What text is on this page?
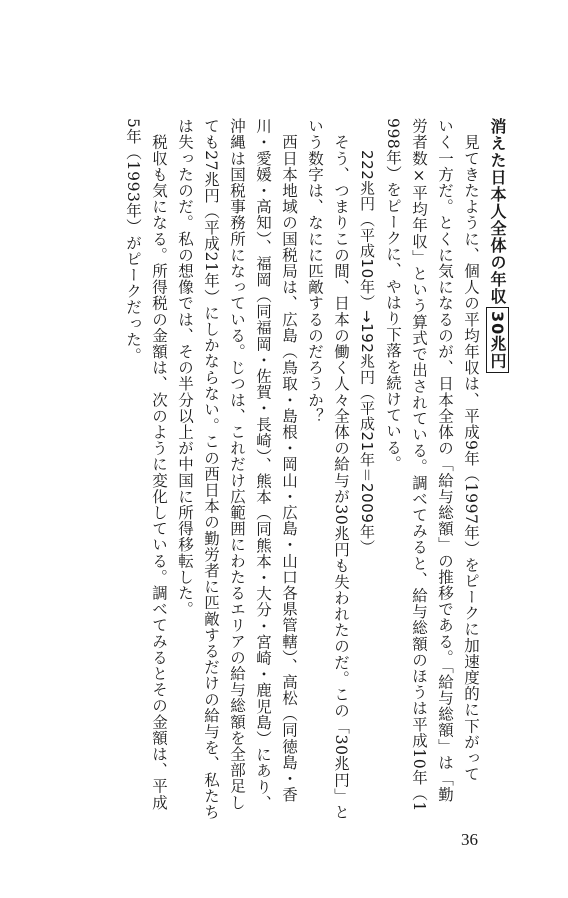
消えた日本人全体の年収30兆円
　見てきたように、個人の平均年収は、平成9年（1997年）をピークに加速度的に下がって
いく一方だ。とくに気になるのが、日本全体の「給与総額」の推移である。「給与総額」は「勤
労者数×平均年収」という算式で出されている。調べてみると、給与総額のほうは平成10年（1
998年）をピークに、やはり下落を続けている。
222兆円（平成10年）→192兆円（平成21年＝2009年）
　そう、つまりこの間、日本の働く人々全体の給与が30兆円も失われたのだ。この「30兆円」と
いう数字は、なにに匹敵するのだろうか？
　西日本地域の国税局は、広島（鳥取・島根・岡山・広島・山口各県管轄）、高松（同徳島・香
川・愛媛・高知）、福岡（同福岡・佐賀・長崎）、熊本（同熊本・大分・宮崎・鹿児島）にあり、
沖縄は国税事務所になっている。じつは、これだけ広範囲にわたるエリアの給与総額を全部足し
ても27兆円（平成21年）にしかならない。この西日本の勤労者に匹敵するだけの給与を、私たち
は失ったのだ。私の想像では、その半分以上が中国に所得移転した。
　税収も気になる。所得税の金額は、次のように変化している。調べてみるとその金額は、平成
5年（1993年）がピークだった。
36
